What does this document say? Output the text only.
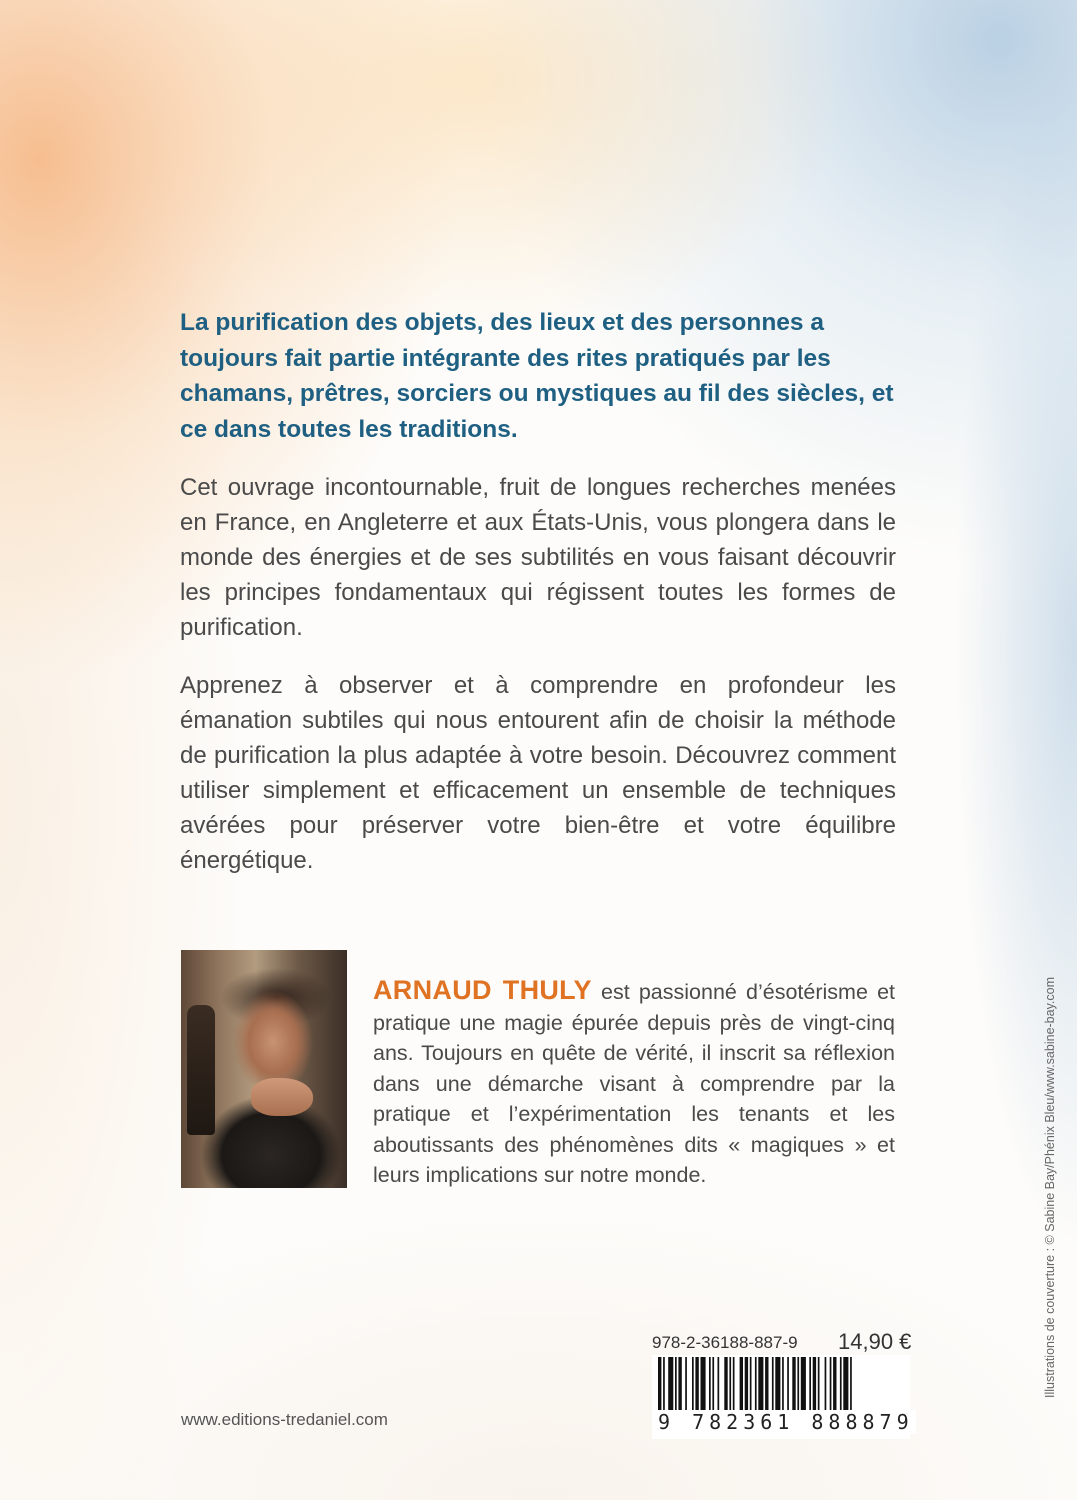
La purification des objets, des lieux et des personnes a toujours fait partie intégrante des rites pratiqués par les chamans, prêtres, sorciers ou mystiques au fil des siècles, et ce dans toutes les traditions.

Cet ouvrage incontournable, fruit de longues recherches menées en France, en Angleterre et aux États-Unis, vous plongera dans le monde des énergies et de ses subtilités en vous faisant découvrir les principes fondamentaux qui régissent toutes les formes de purification.

Apprenez à observer et à comprendre en profondeur les émanation subtiles qui nous entourent afin de choisir la méthode de purification la plus adaptée à votre besoin. Découvrez comment utiliser simplement et efficacement un ensemble de techniques avérées pour préserver votre bien-être et votre équilibre énergétique.

ARNAUD THULY est passionné d’ésotérisme et pratique une magie épurée depuis près de vingt-cinq ans. Toujours en quête de vérité, il inscrit sa réflexion dans une démarche visant à comprendre par la pratique et l’expérimentation les tenants et les aboutissants des phénomènes dits « magiques » et leurs implications sur notre monde.

978-2-36188-887-9 14,90 €
9 782361 888879
www.editions-tredaniel.com
Illustrations de couverture : © Sabine Bay/Phénix Bleu/www.sabine-bay.com
